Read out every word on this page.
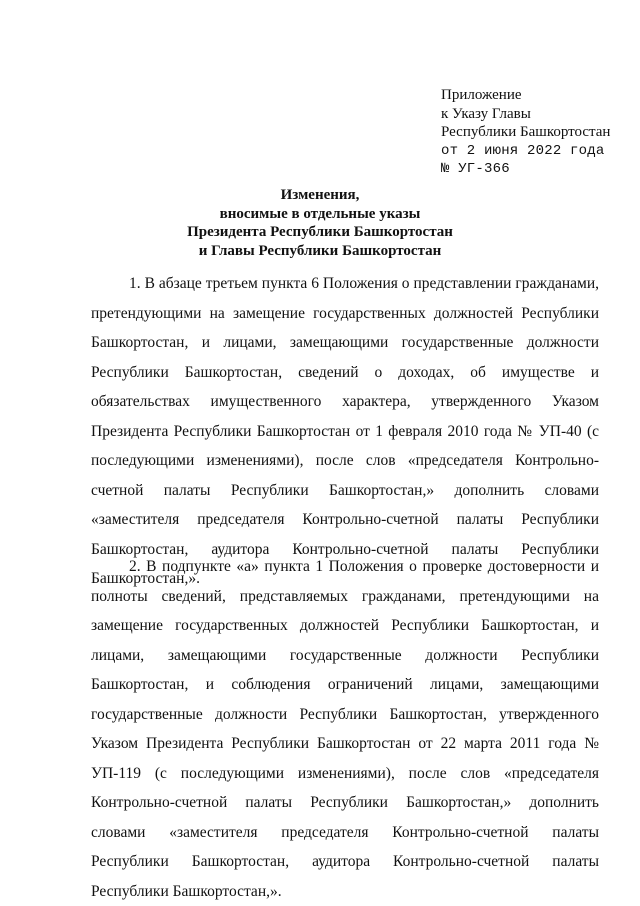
Приложение
к Указу Главы
Республики Башкортостан
от 2 июня 2022 года
№ УГ-366
Изменения,
вносимые в отдельные указы
Президента Республики Башкортостан
и Главы Республики Башкортостан

1. В абзаце третьем пункта 6 Положения о представлении гражданами, претендующими на замещение государственных должностей Республики Башкортостан, и лицами, замещающими государственные должности Республики Башкортостан, сведений о доходах, об имуществе и обязательствах имущественного характера, утвержденного Указом Президента Республики Башкортостан от 1 февраля 2010 года № УП-40 (с последующими изменениями), после слов «председателя Контрольно-счетной палаты Республики Башкортостан,» дополнить словами «заместителя председателя Контрольно-счетной палаты Республики Башкортостан, аудитора Контрольно-счетной палаты Республики Башкортостан,».

2. В подпункте «а» пункта 1 Положения о проверке достоверности и полноты сведений, представляемых гражданами, претендующими на замещение государственных должностей Республики Башкортостан, и лицами, замещающими государственные должности Республики Башкортостан, и соблюдения ограничений лицами, замещающими государственные должности Республики Башкортостан, утвержденного Указом Президента Республики Башкортостан от 22 марта 2011 года № УП-119 (с последующими изменениями), после слов «председателя Контрольно-счетной палаты Республики Башкортостан,» дополнить словами «заместителя председателя Контрольно-счетной палаты Республики Башкортостан, аудитора Контрольно-счетной палаты Республики Башкортостан,».
